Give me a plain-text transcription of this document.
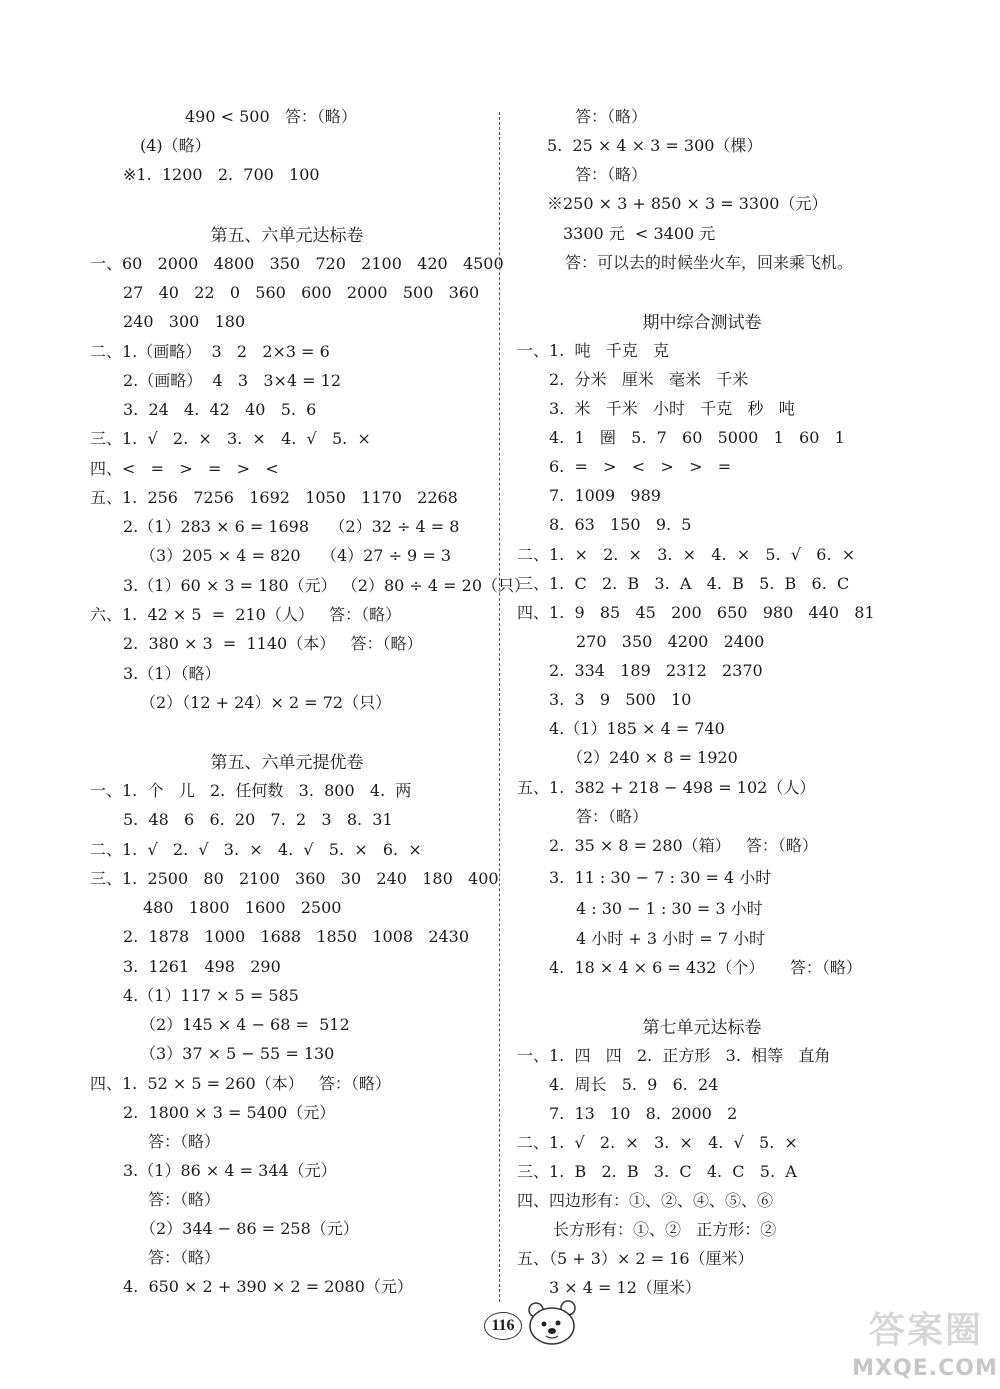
490 < 500   答：（略）
(4)（略）
※1.  1200   2.  700   100
第五、六单元达标卷
一、60   2000   4800   350   720   2100   420   4500
27   40   22   0   560   600   2000   500   360
240   300   180
二、1.（画略）  3   2   2×3 = 6
2.（画略）  4   3   3×4 = 12
3.  24   4.  42   40   5.  6
三、1.  √   2.  ×   3.  ×   4.  √   5.  ×
四、<   =   >   =   >   <
五、1.  256   7256   1692   1050   1170   2268
2.（1）283 × 6 = 1698    （2）32 ÷ 4 = 8
（3）205 × 4 = 820    （4）27 ÷ 9 = 3
3.（1）60 × 3 = 180（元） （2）80 ÷ 4 = 20（只）
六、1.  42 × 5  =  210（人）   答：（略）
2.  380 × 3  =  1140（本）   答：（略）
3.（1）（略）
（2）（12 + 24）× 2 = 72（只）
第五、六单元提优卷
一、1.  个   儿   2.  任何数   3.  800   4.  两
5.  48   6   6.  20   7.  2   3   8.  31
二、1.  √   2.  √   3.  ×   4.  √   5.  ×   6.  ×
三、1.  2500   80   2100   360   30   240   180   400
480   1800   1600   2500
2.  1878   1000   1688   1850   1008   2430
3.  1261   498   290
4.（1）117 × 5 = 585
（2）145 × 4 − 68 =  512
（3）37 × 5 − 55 = 130
四、1.  52 × 5 = 260（本）   答：（略）
2.  1800 × 3 = 5400（元）
答：（略）
3.（1）86 × 4 = 344（元）
答：（略）
（2）344 − 86 = 258（元）
答：（略）
4.  650 × 2 + 390 × 2 = 2080（元）
答：（略）
5.  25 × 4 × 3 = 300（棵）
答：（略）
※250 × 3 + 850 × 3 = 3300（元）
3300 元  < 3400 元
答：可以去的时候坐火车，回来乘飞机。
期中综合测试卷
一、1.  吨   千克   克
2.  分米   厘米   毫米   千米
3.  米   千米   小时   千克   秒   吨
4.  1   圈   5.  7   60   5000   1   60   1
6.  =   >   <   >   >   =
7.  1009   989
8.  63   150   9.  5
二、1.  ×   2.  ×   3.  ×   4.  ×   5.  √   6.  ×
三、1.  C   2.  B   3.  A   4.  B   5.  B   6.  C
四、1.  9   85   45   200   650   980   440   81
270   350   4200   2400
2.  334   189   2312   2370
3.  3   9   500   10
4.（1）185 × 4 = 740
（2）240 × 8 = 1920
五、1.  382 + 218 − 498 = 102（人）
答：（略）
2.  35 × 8 = 280（箱）   答：（略）
3.  11 : 30 − 7 : 30 = 4 小时
4 : 30 − 1 : 30 = 3 小时
4 小时 + 3 小时 = 7 小时
4.  18 × 4 × 6 = 432（个）     答：（略）
第七单元达标卷
一、1.  四   四   2.  正方形   3.  相等   直角
4.  周长   5.  9   6.  24
7.  13   10   8.  2000   2
二、1.  √   2.  ×   3.  ×   4.  √   5.  ×
三、1.  B   2.  B   3.  C   4.  C   5.  A
四、四边形有：①、②、④、⑤、⑥
长方形有：①、②   正方形：②
五、（5 + 3）× 2 = 16（厘米）
3 × 4 = 12（厘米）
116	答案圈
MXQE.COM
